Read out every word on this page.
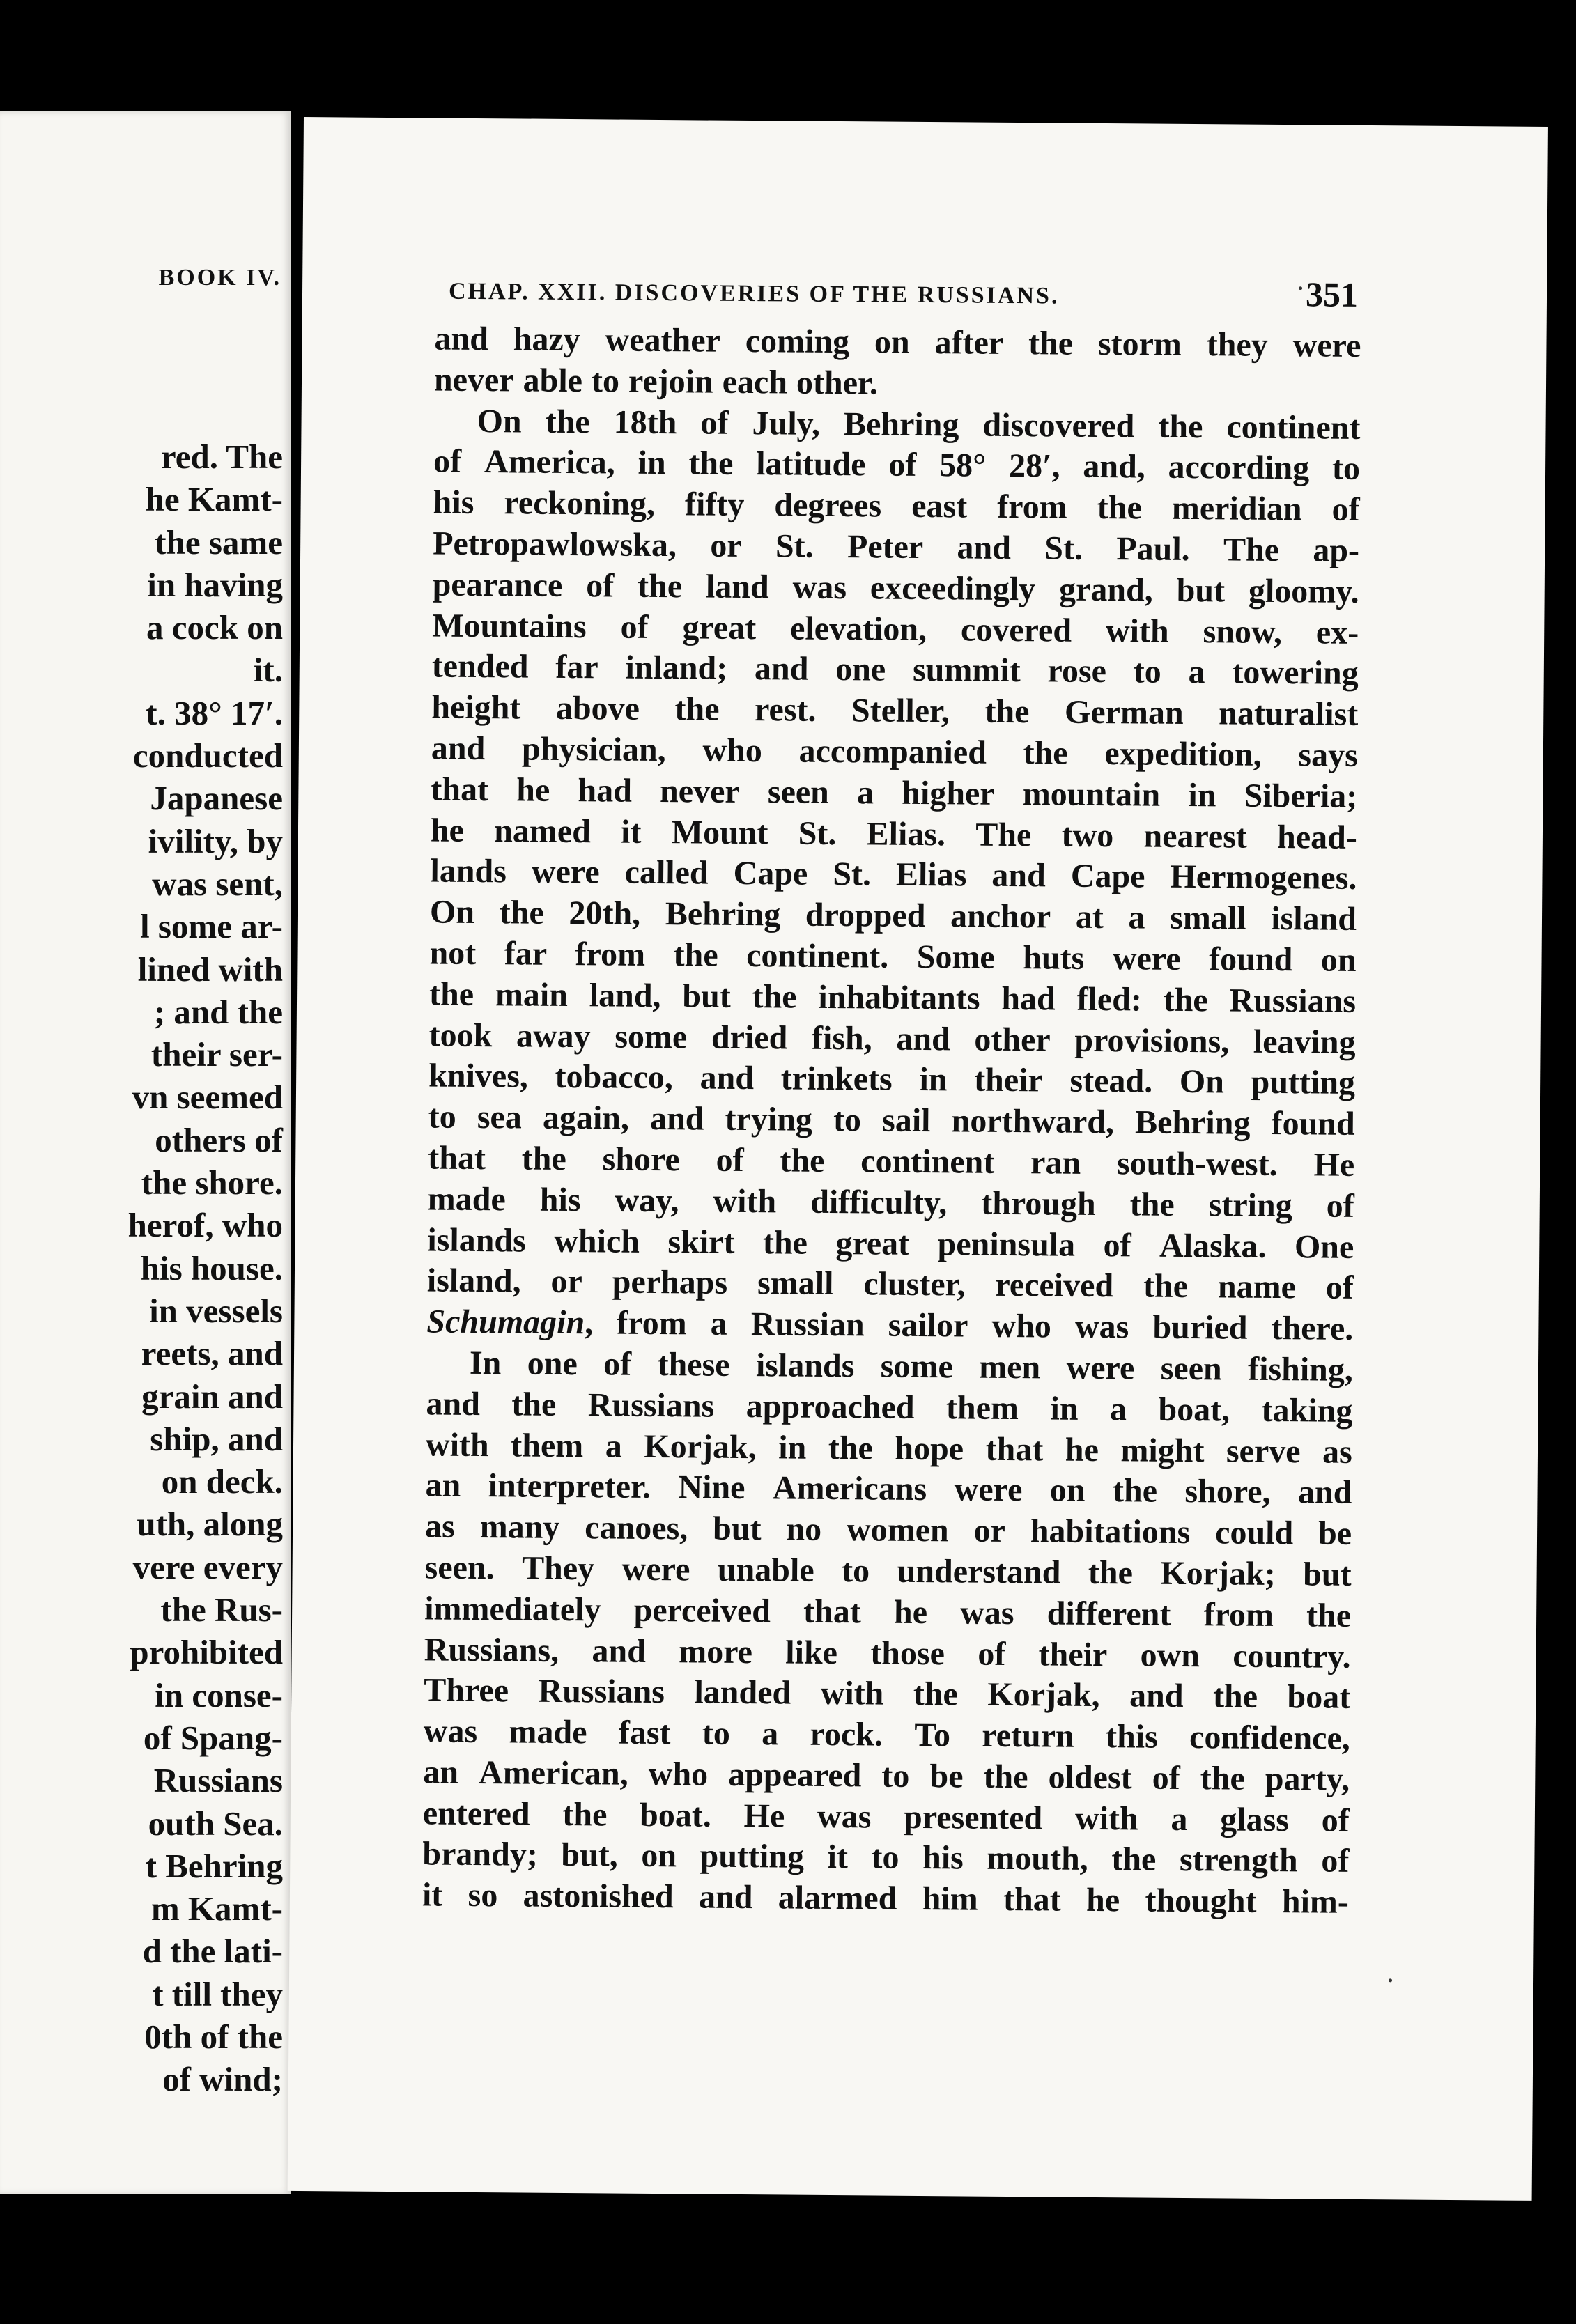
BOOK IV.
red. The
he Kamt-
the same
in having
a cock on
it.
t. 38° 17′.
conducted
Japanese
ivility, by
was sent,
l some ar-
lined with
; and the
their ser-
vn seemed
others of
the shore.
herof, who
his house.
in vessels
reets, and
grain and
ship, and
on deck.
uth, along
vere every
the Rus-
prohibited
in conse-
of Spang-
Russians
outh Sea.
t Behring
m Kamt-
d the lati-
t till they
0th of the
of wind;
CHAP. XXII. DISCOVERIES OF THE RUSSIANS.	351
and hazy weather coming on after the storm they were
never able to rejoin each other.
On the 18th of July, Behring discovered the continent
of America, in the latitude of 58° 28′, and, according to
his reckoning, fifty degrees east from the meridian of
Petropawlowska, or St. Peter and St. Paul. The ap-
pearance of the land was exceedingly grand, but gloomy.
Mountains of great elevation, covered with snow, ex-
tended far inland; and one summit rose to a towering
height above the rest. Steller, the German naturalist
and physician, who accompanied the expedition, says
that he had never seen a higher mountain in Siberia;
he named it Mount St. Elias. The two nearest head-
lands were called Cape St. Elias and Cape Hermogenes.
On the 20th, Behring dropped anchor at a small island
not far from the continent. Some huts were found on
the main land, but the inhabitants had fled: the Russians
took away some dried fish, and other provisions, leaving
knives, tobacco, and trinkets in their stead. On putting
to sea again, and trying to sail northward, Behring found
that the shore of the continent ran south-west. He
made his way, with difficulty, through the string of
islands which skirt the great peninsula of Alaska. One
island, or perhaps small cluster, received the name of
Schumagin, from a Russian sailor who was buried there.
In one of these islands some men were seen fishing,
and the Russians approached them in a boat, taking
with them a Korjak, in the hope that he might serve as
an interpreter. Nine Americans were on the shore, and
as many canoes, but no women or habitations could be
seen. They were unable to understand the Korjak; but
immediately perceived that he was different from the
Russians, and more like those of their own country.
Three Russians landed with the Korjak, and the boat
was made fast to a rock. To return this confidence,
an American, who appeared to be the oldest of the party,
entered the boat. He was presented with a glass of
brandy; but, on putting it to his mouth, the strength of
it so astonished and alarmed him that he thought him-
